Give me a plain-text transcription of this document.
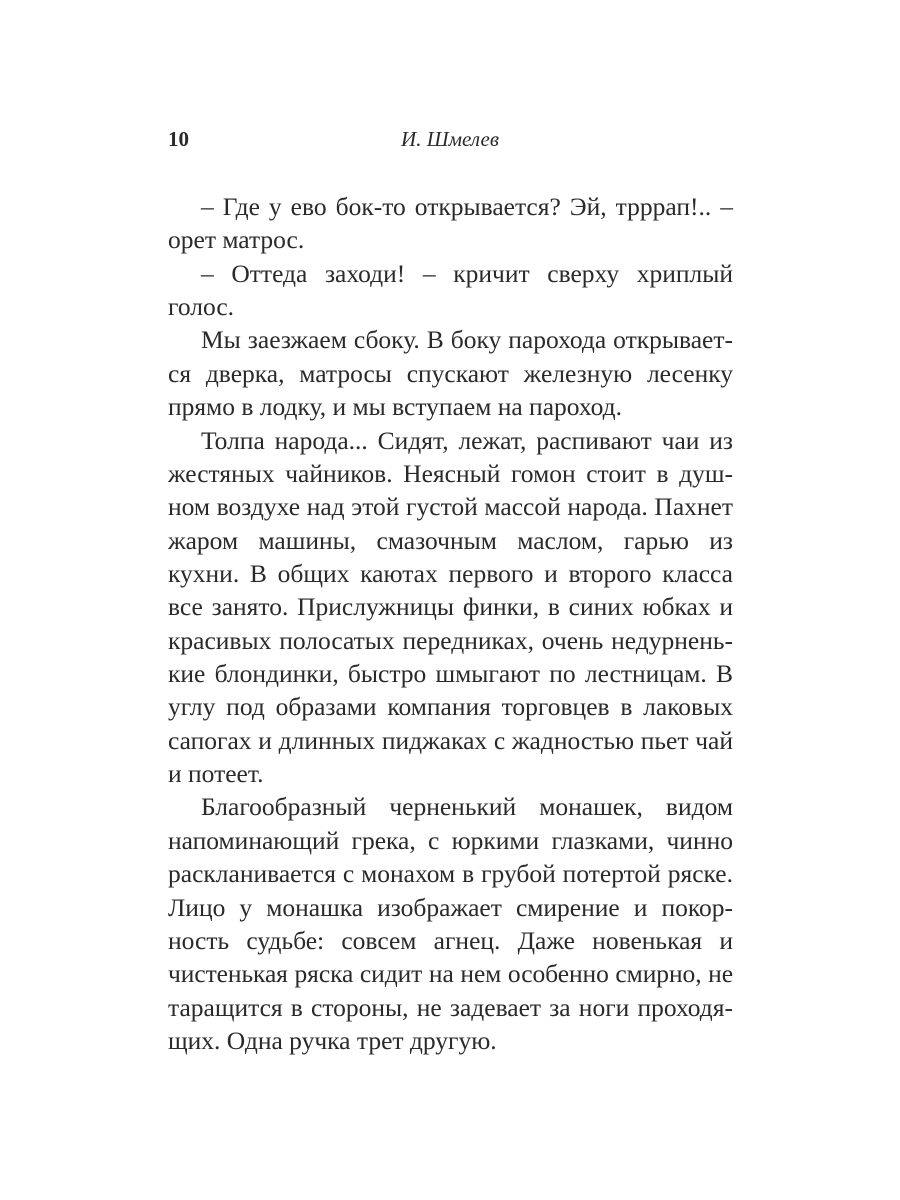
10	И. Шмелев
– Где у ево бок-то открывается? Эй, трррап!.. –
орет матрос.
– Оттеда заходи! – кричит сверху хриплый
голос.
Мы заезжаем сбоку. В боку парохода открывает-
ся дверка, матросы спускают железную лесенку
прямо в лодку, и мы вступаем на пароход.
Толпа народа... Сидят, лежат, распивают чаи из
жестяных чайников. Неясный гомон стоит в душ-
ном воздухе над этой густой массой народа. Пахнет
жаром машины, смазочным маслом, гарью из
кухни. В общих каютах первого и второго класса
все занято. Прислужницы финки, в синих юбках и
красивых полосатых передниках, очень недурнень-
кие блондинки, быстро шмыгают по лестницам. В
углу под образами компания торговцев в лаковых
сапогах и длинных пиджаках с жадностью пьет чай
и потеет.
Благообразный черненький монашек, видом
напоминающий грека, с юркими глазками, чинно
раскланивается с монахом в грубой потертой ряске.
Лицо у монашка изображает смирение и покор-
ность судьбе: совсем агнец. Даже новенькая и
чистенькая ряска сидит на нем особенно смирно, не
таращится в стороны, не задевает за ноги проходя-
щих. Одна ручка трет другую.
